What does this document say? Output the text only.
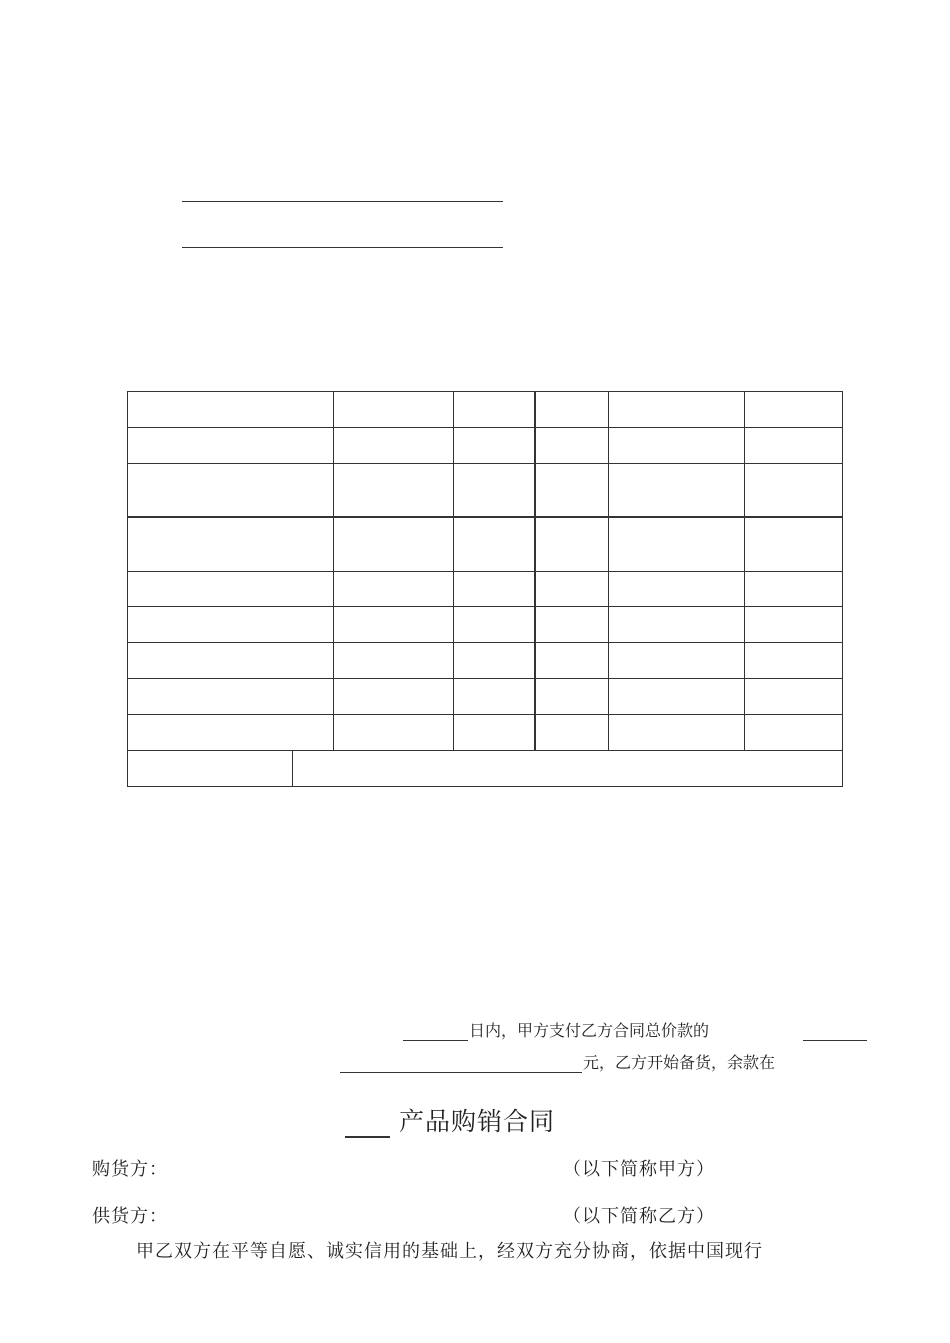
日内，甲方支付乙方合同总价款的
元，乙方开始备货，余款在
产品购销合同
购货方：	（以下简称甲方）
供货方：	（以下简称乙方）
甲乙双方在平等自愿、诚实信用的基础上，经双方充分协商，依据中国现行
